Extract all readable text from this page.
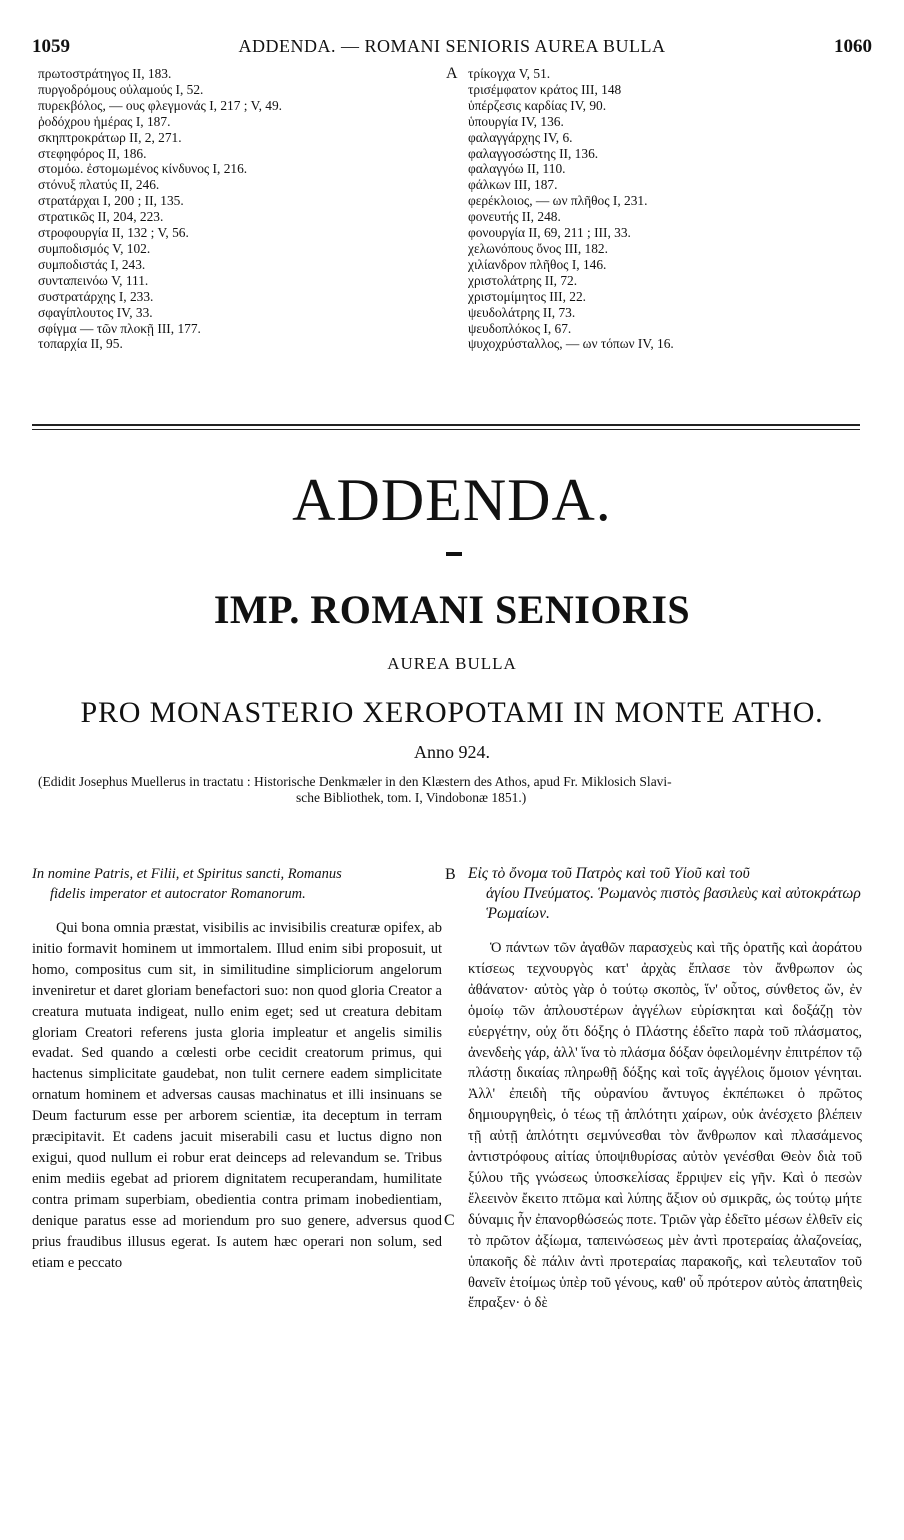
1059	ADDENDA. — ROMANI SENIORIS AUREA BULLA	1060
πρωτοστράτηγος II, 183.
πυργοδρόμους οὐλαμούς I, 52.
πυρεκβόλος, — ους φλεγμονάς I, 217 ; V, 49.
ῥοδόχρου ἡμέρας I, 187.
σκηπτροκράτωρ II, 2, 271.
στεφηφόρος II, 186.
στομόω. ἐστομωμένος κίνδυνος I, 216.
στόνυξ πλατύς II, 246.
στρατάρχαι I, 200 ; II, 135.
στρατικῶς II, 204, 223.
στροφουργία II, 132 ; V, 56.
συμποδισμός V, 102.
συμποδιστάς I, 243.
συνταπεινόω V, 111.
συστρατάρχης I, 233.
σφαγίπλουτος IV, 33.
σφίγμα — τῶν πλοκῇ III, 177.
τοπαρχία II, 95.
A τρίκογχα V, 51.
τρισέμφατον κράτος III, 148
ὑπέρζεσις καρδίας IV, 90.
ὑπουργία IV, 136.
φαλαγγάρχης IV, 6.
φαλαγγοσώστης II, 136.
φαλαγγόω II, 110.
φάλκων III, 187.
φερέκλοιος, — ων πλῆθος I, 231.
φονευτής II, 248.
φονουργία II, 69, 211 ; III, 33.
χελωνόπους ὄνος III, 182.
χιλίανδρον πλῆθος I, 146.
χριστολάτρης II, 72.
χριστομίμητος III, 22.
ψευδολάτρης II, 73.
ψευδοπλόκος I, 67.
ψυχοχρύσταλλος, — ων τόπων IV, 16.
ADDENDA.
IMP. ROMANI SENIORIS
AUREA BULLA
PRO MONASTERIO XEROPOTAMI IN MONTE ATHO.
Anno 924.
(Edidit Josephus Muellerus in tractatu : Historische Denkmæler in den Klæstern des Athos, apud Fr. Miklosich Slavi-
sche Bibliothek, tom. I, Vindobonæ 1851.)
In nomine Patris, et Filii, et Spiritus sancti, Romanus
fidelis imperator et autocrator Romanorum.

Qui bona omnia præstat, visibilis ac invisibilis creaturæ opifex, ab initio formavit hominem ut immortalem. Illud enim sibi proposuit, ut homo, compositus cum sit, in similitudine simpliciorum angelorum inveniretur et daret gloriam benefactori suo: non quod gloria Creator a creatura mutuata indigeat, nullo enim eget; sed ut creatura debitam gloriam Creatori referens justa gloria impleatur et angelis similis evadat. Sed quando a cœlesti orbe cecidit creatorum primus, qui hactenus simplicitate gaudebat, non tulit cernere eadem simplicitate ornatum hominem et adversas causas machinatus et illi insinuans se Deum facturum esse per arborem scientiæ, ita deceptum in terram præcipitavit. Et cadens jacuit miserabili casu et luctus digno non exigui, quod nullum ei robur erat deinceps ad relevandum se. Tribus enim mediis egebat ad priorem dignitatem recuperandam, humilitate contra primam superbiam, obedientia contra primam inobedientiam, denique paratus esse ad moriendum pro suo genere, adversus quod prius fraudibus illusus egerat. Is autem hæc operari non solum, sed etiam e peccato

B
C
Εἰς τὸ ὄνομα τοῦ Πατρὸς καὶ τοῦ Υἱοῦ καὶ τοῦ
ἁγίου Πνεύματος. Ῥωμανὸς πιστὸς βασιλεὺς καὶ αὐτοκράτωρ Ῥωμαίων.

Ὁ πάντων τῶν ἀγαθῶν παρασχεὺς καὶ τῆς ὁρατῆς καὶ ἀοράτου κτίσεως τεχνουργὸς κατ' ἀρχὰς ἔπλασε τὸν ἄνθρωπον ὡς ἀθάνατον· αὐτὸς γὰρ ὁ τούτῳ σκοπὸς, ἵν' οὗτος, σύνθετος ὤν, ἐν ὁμοίῳ τῶν ἁπλουστέρων ἀγγέλων εὑρίσκηται καὶ δοξάζῃ τὸν εὐεργέτην, οὐχ ὅτι δόξης ὁ Πλάστης ἐδεῖτο παρὰ τοῦ πλάσματος, ἀνενδεὴς γάρ, ἀλλ' ἵνα τὸ πλάσμα δόξαν ὀφειλομένην ἐπιτρέπον τῷ πλάστῃ δικαίας πληρωθῇ δόξης καὶ τοῖς ἀγγέλοις ὅμοιον γένηται. Ἀλλ' ἐπειδὴ τῆς οὐρανίου ἄντυγος ἐκπέπωκει ὁ πρῶτος δημιουργηθεὶς, ὁ τέως τῇ ἁπλότητι χαίρων, οὐκ ἀνέσχετο βλέπειν τῇ αὐτῇ ἁπλότητι σεμνύνεσθαι τὸν ἄνθρωπον καὶ πλασάμενος ἀντιστρόφους αἰτίας ὑποψιθυρίσας αὐτὸν γενέσθαι Θεὸν διὰ τοῦ ξύλου τῆς γνώσεως ὑποσκελίσας ἔρριψεν εἰς γῆν. Καὶ ὁ πεσὼν ἔλεεινὸν ἔκειτο πτῶμα καὶ λύπης ἄξιον οὐ σμικρᾶς, ὡς τούτῳ μήτε δύναμις ἦν ἐπανορθώσεώς ποτε. Τριῶν γὰρ ἐδεῖτο μέσων ἐλθεῖν εἰς τὸ πρῶτον ἀξίωμα, ταπεινώσεως μὲν ἀντὶ προτεραίας ἀλαζονείας, ὑπακοῆς δὲ πάλιν ἀντὶ προτεραίας παρακοῆς, καὶ τελευταῖον τοῦ θανεῖν ἑτοίμως ὑπὲρ τοῦ γένους, καθ' οὗ πρότερον αὐτὸς ἀπατηθεὶς ἔπραξεν· ὁ δὲ
